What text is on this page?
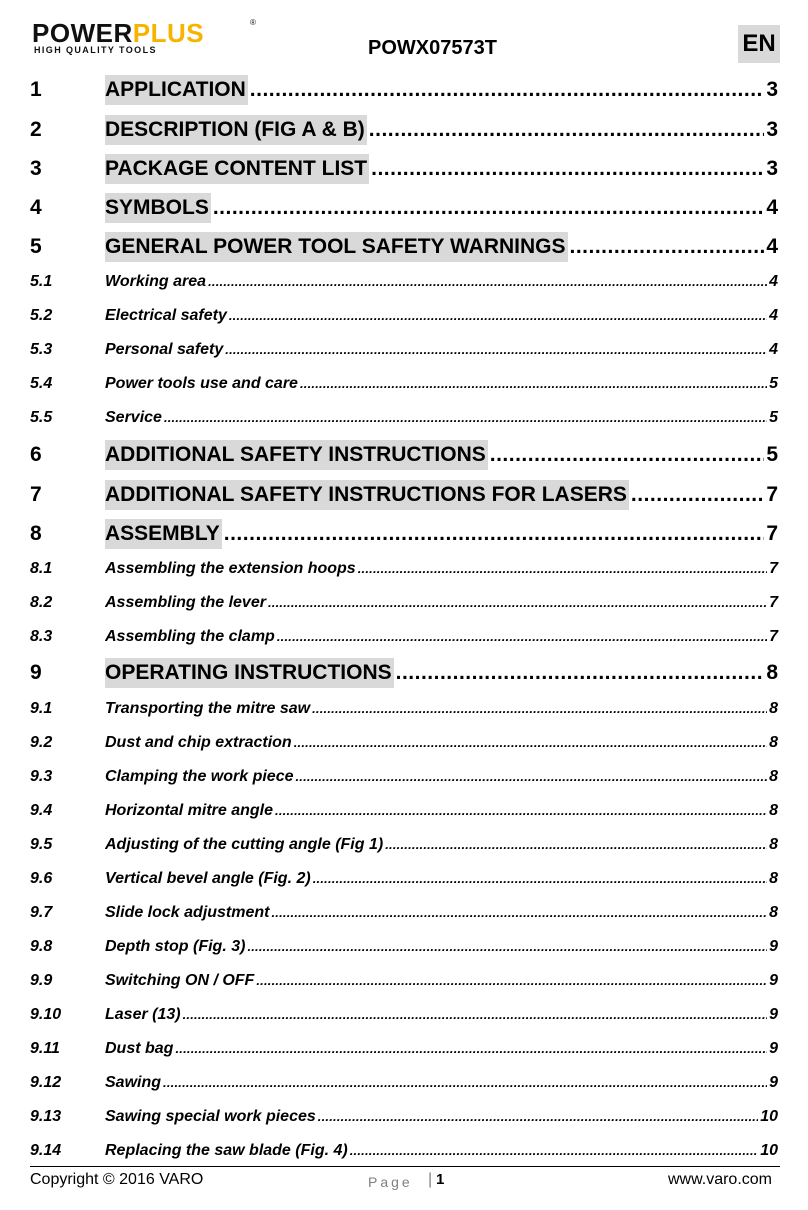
POWERPLUS	®
HIGH QUALITY TOOLS	POWX07573T	EN
1	APPLICATION .....	3
2	DESCRIPTION (FIG A & B) .....	3
3	PACKAGE CONTENT LIST .....	3
4	SYMBOLS .....	4
5	GENERAL POWER TOOL SAFETY WARNINGS .....	4
5.1	Working area .....	4
5.2	Electrical safety .....	4
5.3	Personal safety .....	4
5.4	Power tools use and care .....	5
5.5	Service .....	5
6	ADDITIONAL SAFETY INSTRUCTIONS .....	5
7	ADDITIONAL SAFETY INSTRUCTIONS FOR LASERS .....	7
8	ASSEMBLY .....	7
8.1	Assembling the extension hoops .....	7
8.2	Assembling the lever .....	7
8.3	Assembling the clamp .....	7
9	OPERATING INSTRUCTIONS .....	8
9.1	Transporting the mitre saw .....	8
9.2	Dust and chip extraction .....	8
9.3	Clamping the work piece .....	8
9.4	Horizontal mitre angle .....	8
9.5	Adjusting of the cutting angle (Fig 1) .....	8
9.6	Vertical bevel angle (Fig. 2) .....	8
9.7	Slide lock adjustment .....	8
9.8	Depth stop (Fig. 3) .....	9
9.9	Switching ON / OFF .....	9
9.10	Laser (13) .....	9
9.11	Dust bag .....	9
9.12	Sawing .....	9
9.13	Sawing special work pieces .....	10
9.14	Replacing the saw blade (Fig. 4) .....	10
Copyright © 2016 VARO	Page | 1	www.varo.com
